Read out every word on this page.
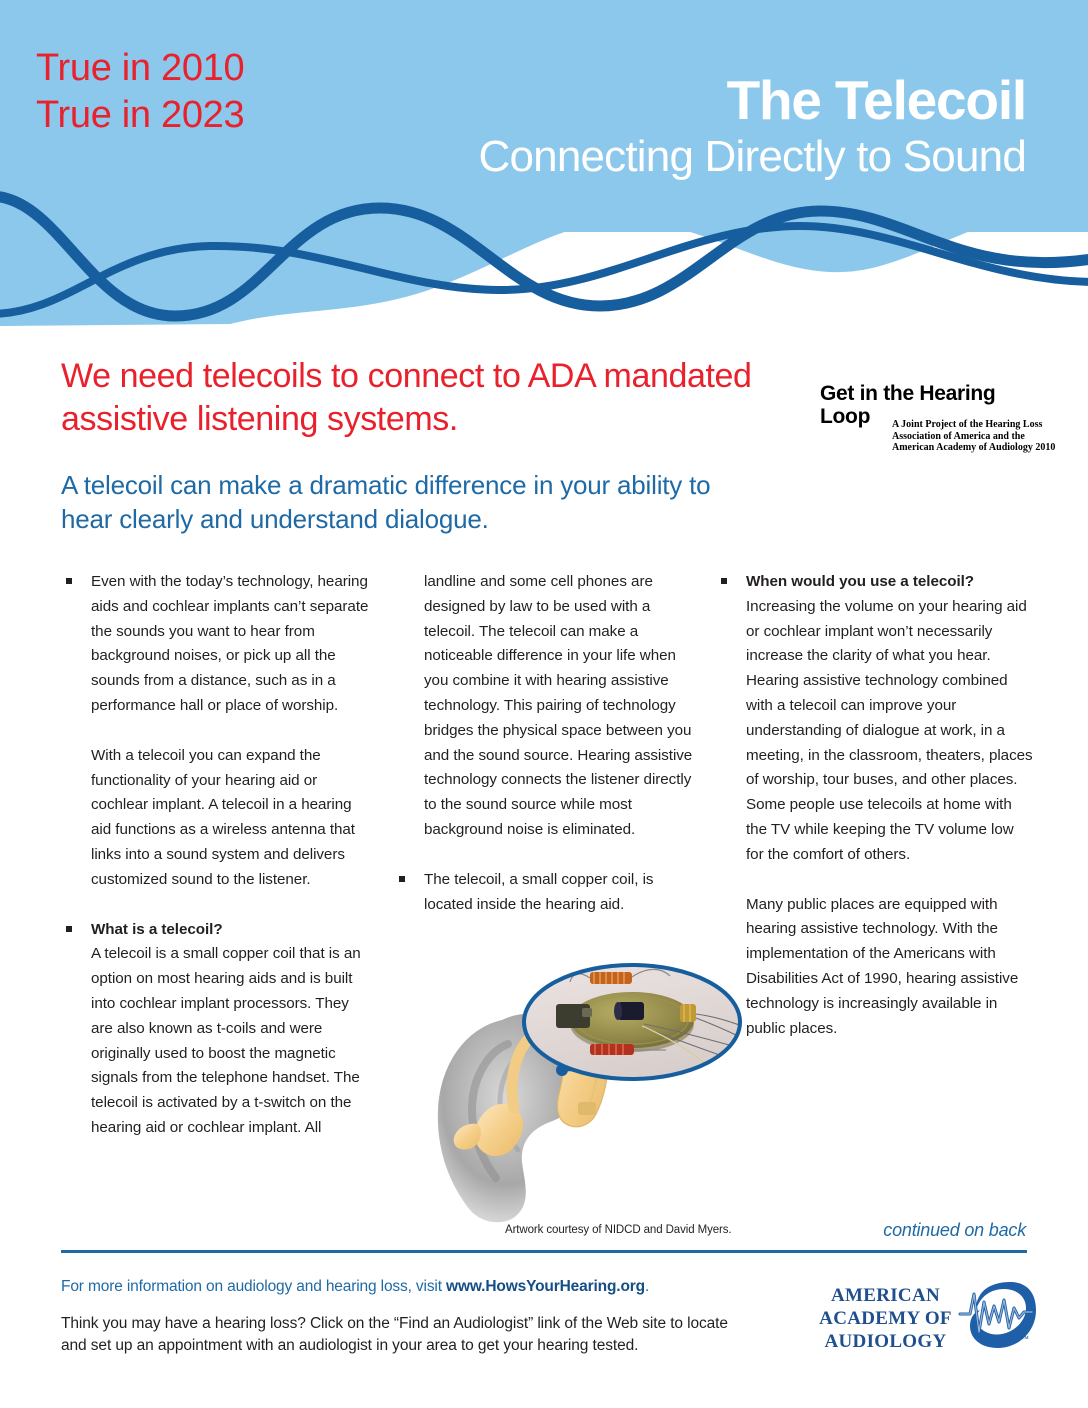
True in 2010
True in 2023	The Telecoil
Connecting Directly to Sound
We need telecoils to connect to ADA mandated assistive listening systems.
A telecoil can make a dramatic difference in your ability to hear clearly and understand dialogue.
Get in the Hearing Loop	A Joint Project of the Hearing Loss Association of America and the American Academy of Audiology 2010
Even with the today’s technology, hearing aids and cochlear implants can’t separate the sounds you want to hear from background noises, or pick up all the sounds from a distance, such as in a performance hall or place of worship.
With a telecoil you can expand the functionality of your hearing aid or cochlear implant. A telecoil in a hearing aid functions as a wireless antenna that links into a sound system and delivers customized sound to the listener.
What is a telecoil?
A telecoil is a small copper coil that is an option on most hearing aids and is built into cochlear implant processors. They are also known as t-coils and were originally used to boost the magnetic signals from the telephone handset. The telecoil is activated by a t-switch on the hearing aid or cochlear implant. All
landline and some cell phones are designed by law to be used with a telecoil. The telecoil can make a noticeable difference in your life when you combine it with hearing assistive technology. This pairing of technology bridges the physical space between you and the sound source. Hearing assistive technology connects the listener directly to the sound source while most background noise is eliminated.
The telecoil, a small copper coil, is located inside the hearing aid.
When would you use a telecoil?
Increasing the volume on your hearing aid or cochlear implant won’t necessarily increase the clarity of what you hear. Hearing assistive technology combined with a telecoil can improve your understanding of dialogue at work, in a meeting, in the classroom, theaters, places of worship, tour buses, and other places. Some people use telecoils at home with the TV while keeping the TV volume low for the comfort of others.
Many public places are equipped with hearing assistive technology. With the implementation of the Americans with Disabilities Act of 1990, hearing assistive technology is increasingly available in public places.
Artwork courtesy of NIDCD and David Myers.	continued on back
For more information on audiology and hearing loss, visit www.HowsYourHearing.org.
Think you may have a hearing loss? Click on the “Find an Audiologist” link of the Web site to locate and set up an appointment with an audiologist in your area to get your hearing tested.
AMERICAN
ACADEMY OF
AUDIOLOGY	™
